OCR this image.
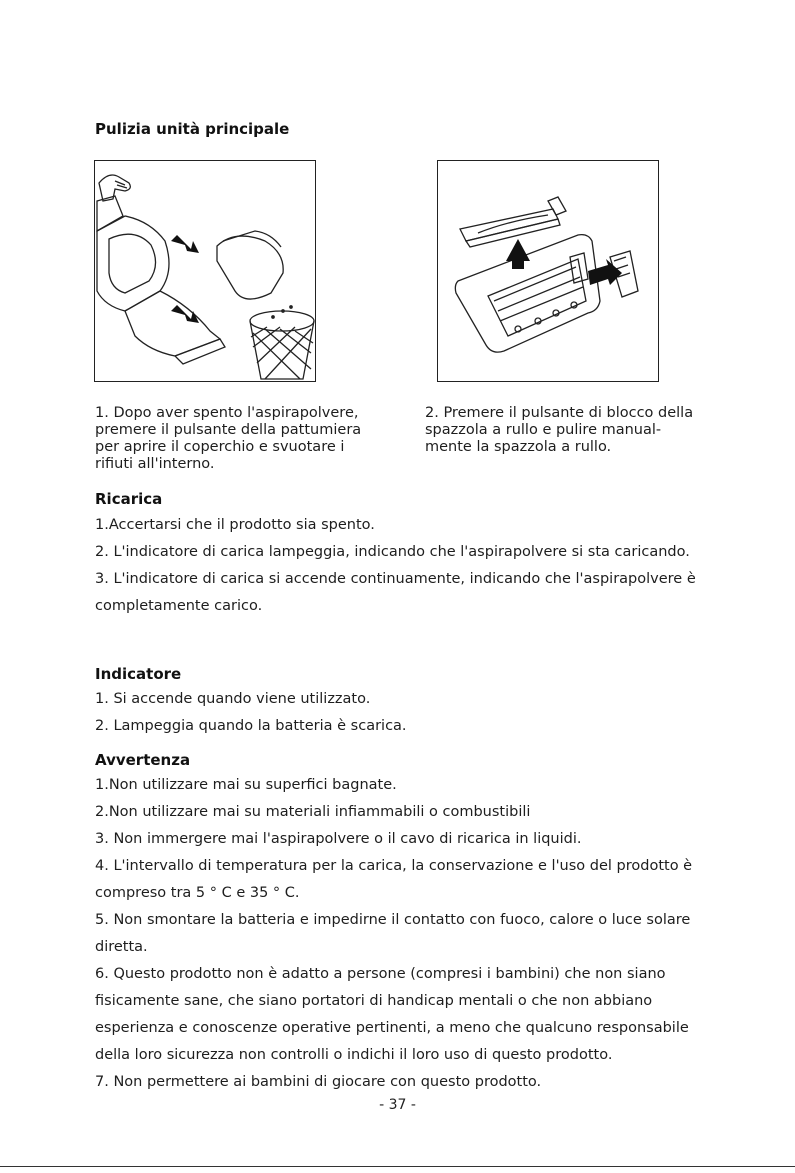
Pulizia unità principale
1. Dopo aver spento l'aspirapolvere,
premere il pulsante della pattumiera
per aprire il coperchio e svuotare i
rifiuti all'interno.
2. Premere il pulsante di blocco della
spazzola a rullo e pulire manual-
mente la spazzola a rullo.
Ricarica
1.Accertarsi che il prodotto sia spento.
2. L'indicatore di carica lampeggia, indicando che l'aspirapolvere si sta caricando.
3. L'indicatore di carica si accende continuamente, indicando che l'aspirapolvere è
completamente carico.
Indicatore
1. Si accende quando viene utilizzato.
2. Lampeggia quando la batteria è scarica.
Avvertenza
1.Non utilizzare mai su superfici bagnate.
2.Non utilizzare mai su materiali infiammabili o combustibili
3. Non immergere mai l'aspirapolvere o il cavo di ricarica in liquidi.
4. L'intervallo di temperatura per la carica, la conservazione e l'uso del prodotto è
compreso tra 5 ° C e 35 ° C.
5. Non smontare la batteria e impedirne il contatto con fuoco, calore o luce solare
diretta.
6. Questo prodotto non è adatto a persone (compresi i bambini) che non siano
fisicamente sane, che siano portatori di handicap mentali o che non abbiano
esperienza e conoscenze operative pertinenti, a meno che qualcuno responsabile
della loro sicurezza non controlli o indichi il loro uso di questo prodotto.
7. Non permettere ai bambini di giocare con questo prodotto.
- 37 -
